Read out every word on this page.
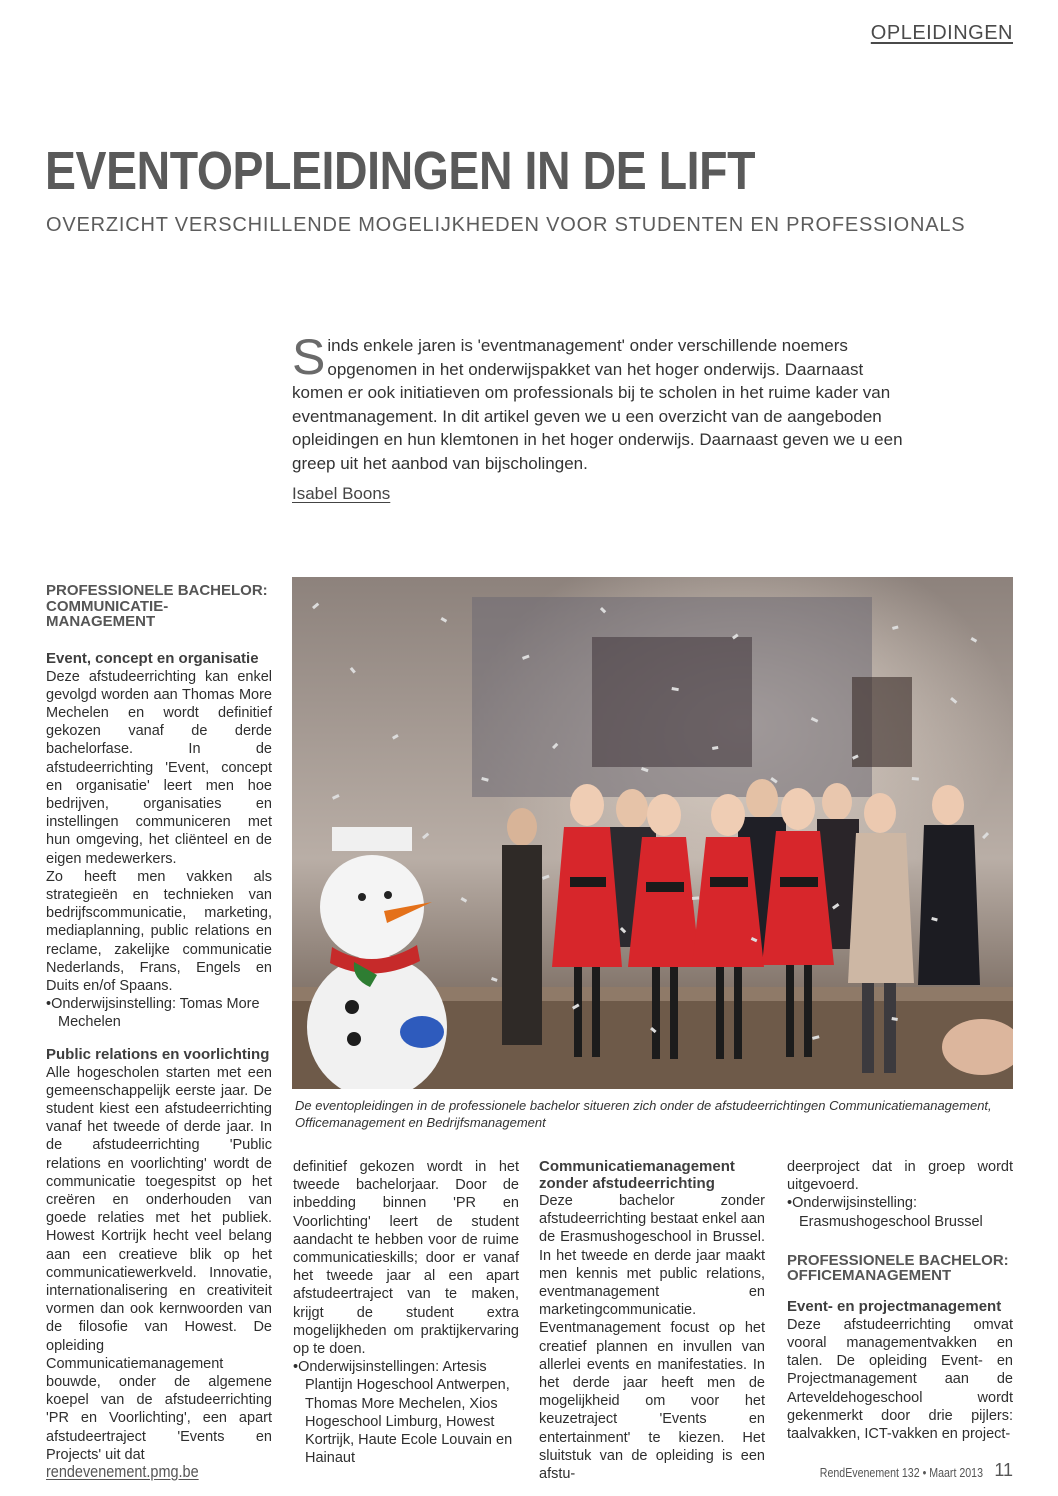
OPLEIDINGEN
EVENTOPLEIDINGEN IN DE LIFT
OVERZICHT VERSCHILLENDE MOGELIJKHEDEN VOOR STUDENTEN EN PROFESSIONALS
Sinds enkele jaren is 'eventmanagement' onder verschillende noemers opgenomen in het onderwijspakket van het hoger onderwijs. Daarnaast komen er ook initiatieven om professionals bij te scholen in het ruime kader van eventmanagement. In dit artikel geven we u een overzicht van de aangeboden opleidingen en hun klemtonen in het hoger onderwijs. Daarnaast geven we u een greep uit het aanbod van bijscholingen.
Isabel Boons
PROFESSIONELE BACHELOR: COMMUNICATIE-MANAGEMENT
Event, concept en organisatie

Deze afstudeerrichting kan enkel gevolgd worden aan Thomas More Mechelen en wordt definitief gekozen vanaf de derde bachelorfase. In de afstudeerrichting 'Event, concept en organisatie' leert men hoe bedrijven, organisaties en instellingen communiceren met hun omgeving, het cliënteel en de eigen medewerkers.

Zo heeft men vakken als strategieën en technieken van bedrijfscommunicatie, marketing, mediaplanning, public relations en reclame, zakelijke communicatie Nederlands, Frans, Engels en Duits en/of Spaans.

•Onderwijsinstelling: Tomas More Mechelen

Public relations en voorlichting

Alle hogescholen starten met een gemeenschappelijk eerste jaar. De student kiest een afstudeerrichting vanaf het tweede of derde jaar. In de afstudeerrichting 'Public relations en voorlichting' wordt de communicatie toegespitst op het creëren en onderhouden van goede relaties met het publiek. Howest Kortrijk hecht veel belang aan een creatieve blik op het communicatiewerkveld. Innovatie, internationalisering en creativiteit vormen dan ook kernwoorden van de filosofie van Howest. De opleiding Communicatiemanagement bouwde, onder de algemene koepel van de afstudeerrichting 'PR en Voorlichting', een apart afstudeertraject 'Events en Projects' uit dat

De eventopleidingen in de professionele bachelor situeren zich onder de afstudeerrichtingen Communicatiemanagement, Officemanagement en Bedrijfsmanagement

definitief gekozen wordt in het tweede bachelorjaar. Door de inbedding binnen 'PR en Voorlichting' leert de student aandacht te hebben voor de ruime communicatieskills; door er vanaf het tweede jaar al een apart afstudeertraject van te maken, krijgt de student extra mogelijkheden om praktijkervaring op te doen.

•Onderwijsinstellingen: Artesis Plantijn Hogeschool Antwerpen, Thomas More Mechelen, Xios Hogeschool Limburg, Howest Kortrijk, Haute Ecole Louvain en Hainaut

Communicatiemanagement zonder afstudeerrichting

Deze bachelor zonder afstudeerrichting bestaat enkel aan de Erasmushogeschool in Brussel. In het tweede en derde jaar maakt men kennis met public relations, eventmanagement en marketingcommunicatie. Eventmanagement focust op het creatief plannen en invullen van allerlei events en manifestaties. In het derde jaar heeft men de mogelijkheid om voor het keuzetraject 'Events en entertainment' te kiezen. Het sluitstuk van de opleiding is een afstu-

deerproject dat in groep wordt uitgevoerd.

•Onderwijsinstelling: Erasmushogeschool Brussel

PROFESSIONELE BACHELOR: OFFICEMANAGEMENT
Event- en projectmanagement

Deze afstudeerrichting omvat vooral managementvakken en talen. De opleiding Event- en Projectmanagement aan de Arteveldehogeschool wordt gekenmerkt door drie pijlers: taalvakken, ICT-vakken en project-

rendevenement.pmg.be	RendEvenement 132 • Maart 2013 11
